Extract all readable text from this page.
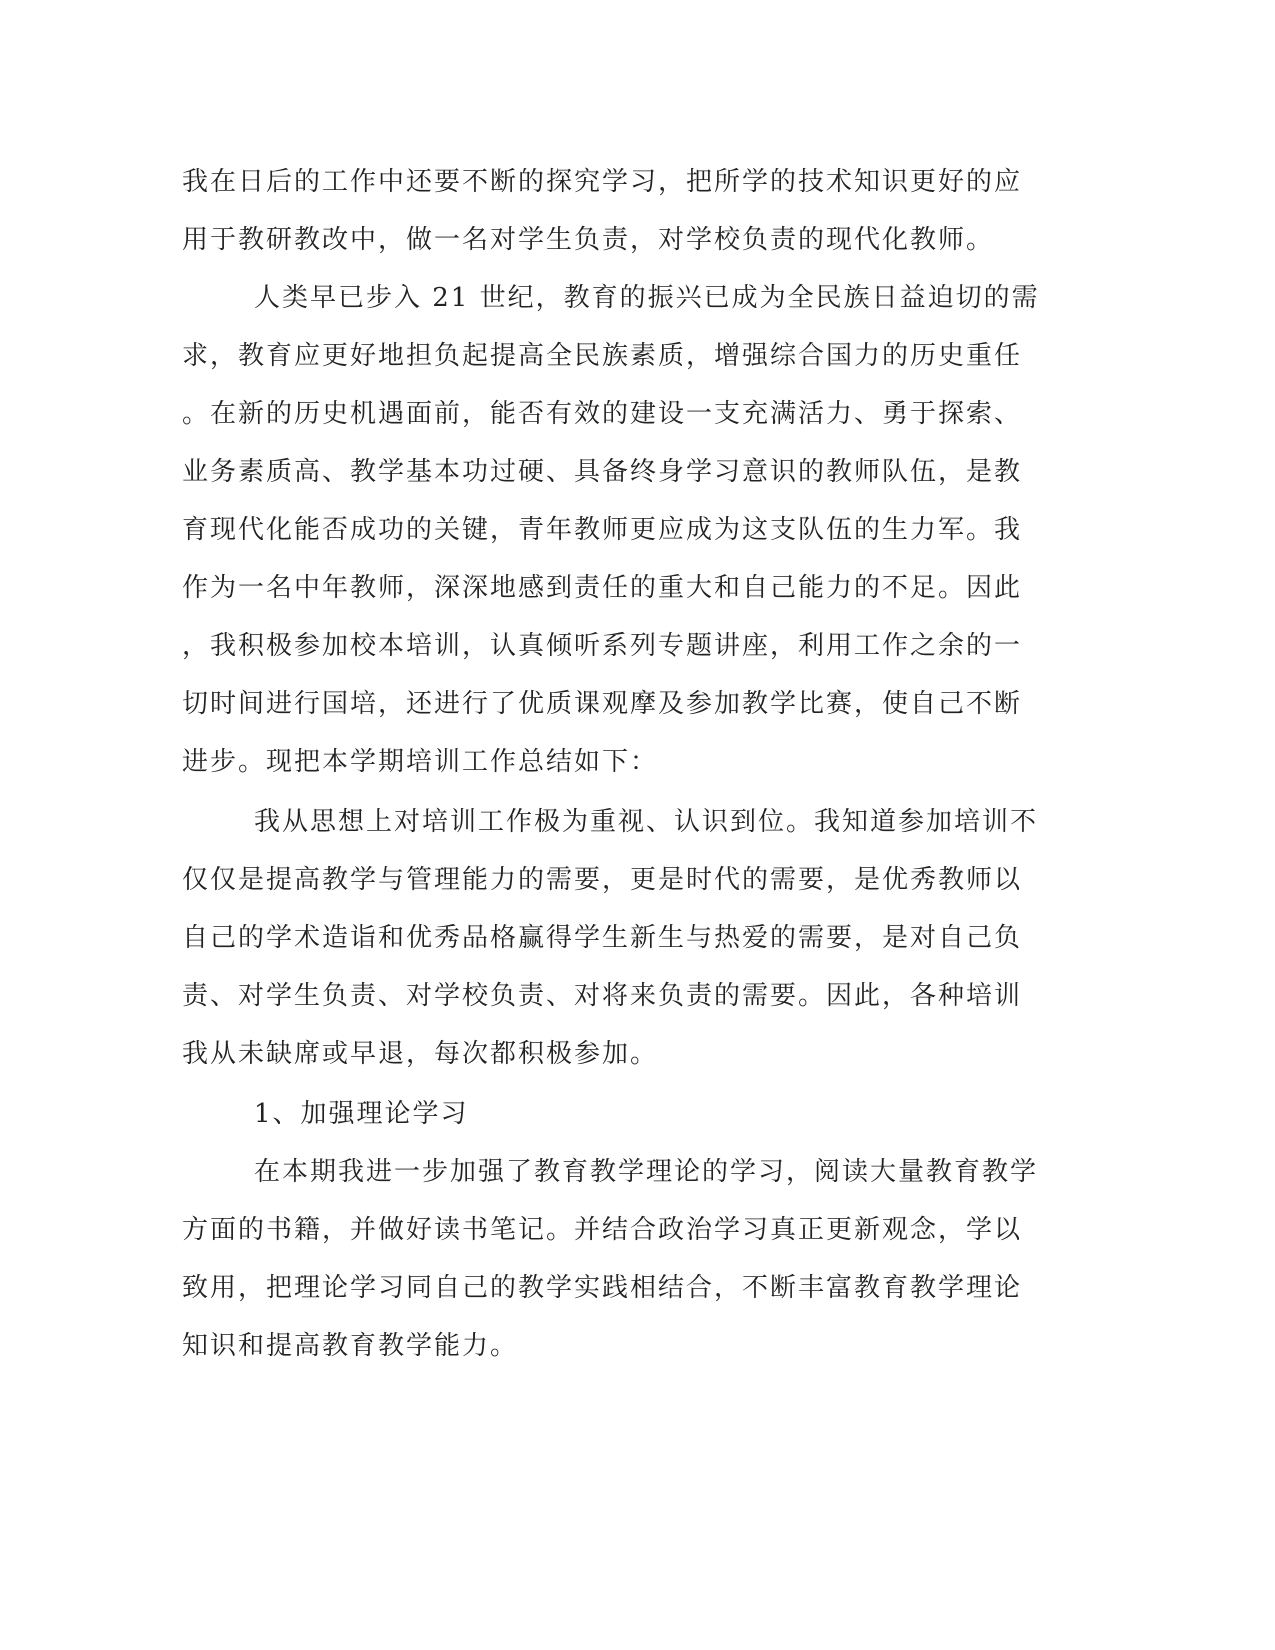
我在日后的工作中还要不断的探究学习，把所学的技术知识更好的应
用于教研教改中，做一名对学生负责，对学校负责的现代化教师。
人类早已步入 21 世纪，教育的振兴已成为全民族日益迫切的需
求，教育应更好地担负起提高全民族素质，增强综合国力的历史重任
。在新的历史机遇面前，能否有效的建设一支充满活力、勇于探索、
业务素质高、教学基本功过硬、具备终身学习意识的教师队伍，是教
育现代化能否成功的关键，青年教师更应成为这支队伍的生力军。我
作为一名中年教师，深深地感到责任的重大和自己能力的不足。因此
，我积极参加校本培训，认真倾听系列专题讲座，利用工作之余的一
切时间进行国培，还进行了优质课观摩及参加教学比赛，使自己不断
进步。现把本学期培训工作总结如下：
我从思想上对培训工作极为重视、认识到位。我知道参加培训不
仅仅是提高教学与管理能力的需要，更是时代的需要，是优秀教师以
自己的学术造诣和优秀品格赢得学生新生与热爱的需要，是对自己负
责、对学生负责、对学校负责、对将来负责的需要。因此，各种培训
我从未缺席或早退，每次都积极参加。
1、加强理论学习
在本期我进一步加强了教育教学理论的学习，阅读大量教育教学
方面的书籍，并做好读书笔记。并结合政治学习真正更新观念，学以
致用，把理论学习同自己的教学实践相结合，不断丰富教育教学理论
知识和提高教育教学能力。
